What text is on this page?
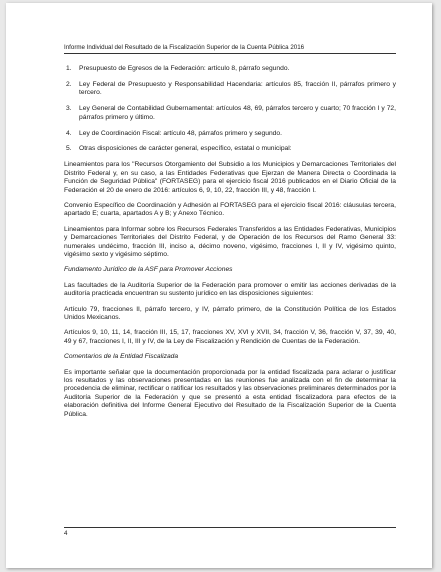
Informe Individual del Resultado de la Fiscalización Superior de la Cuenta Pública 2016
1.	Presupuesto de Egresos de la Federación: artículo 8, párrafo segundo.
2.	Ley Federal de Presupuesto y Responsabilidad Hacendaria: artículos 85, fracción II, párrafos primero y tercero.
3.	Ley General de Contabilidad Gubernamental: artículos 48, 69, párrafos tercero y cuarto; 70 fracción I y 72, párrafos primero y último.
4.	Ley de Coordinación Fiscal: artículo 48, párrafos primero y segundo.
5.	Otras disposiciones de carácter general, específico, estatal o municipal:

Lineamientos para los "Recursos Otorgamiento del Subsidio a los Municipios y Demarcaciones Territoriales del Distrito Federal y, en su caso, a las Entidades Federativas que Ejerzan de Manera Directa o Coordinada la Función de Seguridad Pública" (FORTASEG) para el ejercicio fiscal 2016 publicados en el Diario Oficial de la Federación el 20 de enero de 2016: artículos 6, 9, 10, 22, fracción III, y 48, fracción I.

Convenio Específico de Coordinación y Adhesión al FORTASEG para el ejercicio fiscal 2016: cláusulas tercera, apartado E; cuarta, apartados A y B; y Anexo Técnico.

Lineamientos para Informar sobre los Recursos Federales Transferidos a las Entidades Federativas, Municipios y Demarcaciones Territoriales del Distrito Federal, y de Operación de los Recursos del Ramo General 33: numerales undécimo, fracción III, inciso a, décimo noveno, vigésimo, fracciones I, II y IV, vigésimo quinto, vigésimo sexto y vigésimo séptimo.

Fundamento Jurídico de la ASF para Promover Acciones

Las facultades de la Auditoría Superior de la Federación para promover o emitir las acciones derivadas de la auditoría practicada encuentran su sustento jurídico en las disposiciones siguientes:

Artículo 79, fracciones II, párrafo tercero, y IV, párrafo primero, de la Constitución Política de los Estados Unidos Mexicanos.

Artículos 9, 10, 11, 14, fracción III, 15, 17, fracciones XV, XVI y XVII, 34, fracción V, 36, fracción V, 37, 39, 40, 49 y 67, fracciones I, II, III y IV, de la Ley de Fiscalización y Rendición de Cuentas de la Federación.

Comentarios de la Entidad Fiscalizada

Es importante señalar que la documentación proporcionada por la entidad fiscalizada para aclarar o justificar los resultados y las observaciones presentadas en las reuniones fue analizada con el fin de determinar la procedencia de eliminar, rectificar o ratificar los resultados y las observaciones preliminares determinados por la Auditoría Superior de la Federación y que se presentó a esta entidad fiscalizadora para efectos de la elaboración definitiva del Informe General Ejecutivo del Resultado de la Fiscalización Superior de la Cuenta Pública.

4
